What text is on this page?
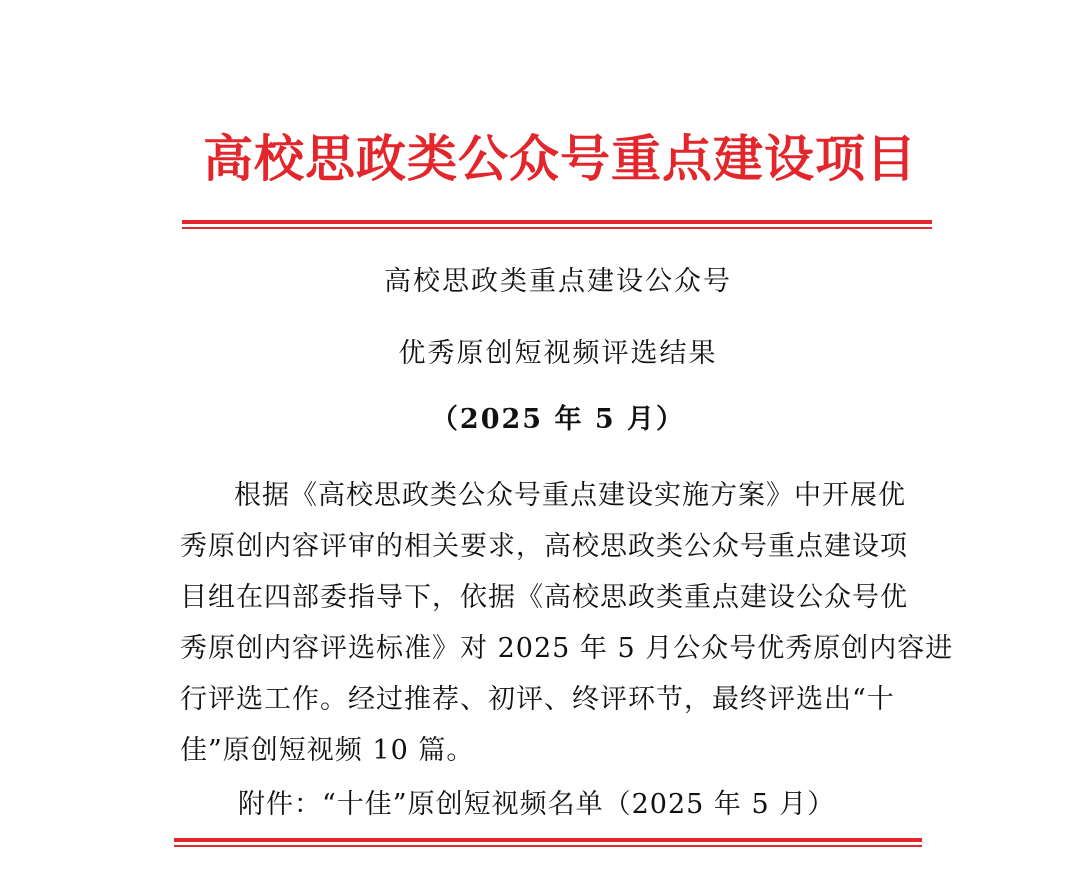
高校思政类公众号重点建设项目
高校思政类重点建设公众号
优秀原创短视频评选结果
（2025 年 5 月）
根据《高校思政类公众号重点建设实施方案》中开展优
秀原创内容评审的相关要求，高校思政类公众号重点建设项
目组在四部委指导下，依据《高校思政类重点建设公众号优
秀原创内容评选标准》对 2025 年 5 月公众号优秀原创内容进
行评选工作。经过推荐、初评、终评环节，最终评选出“十
佳”原创短视频 10 篇。
附件：“十佳”原创短视频名单（2025 年 5 月）
